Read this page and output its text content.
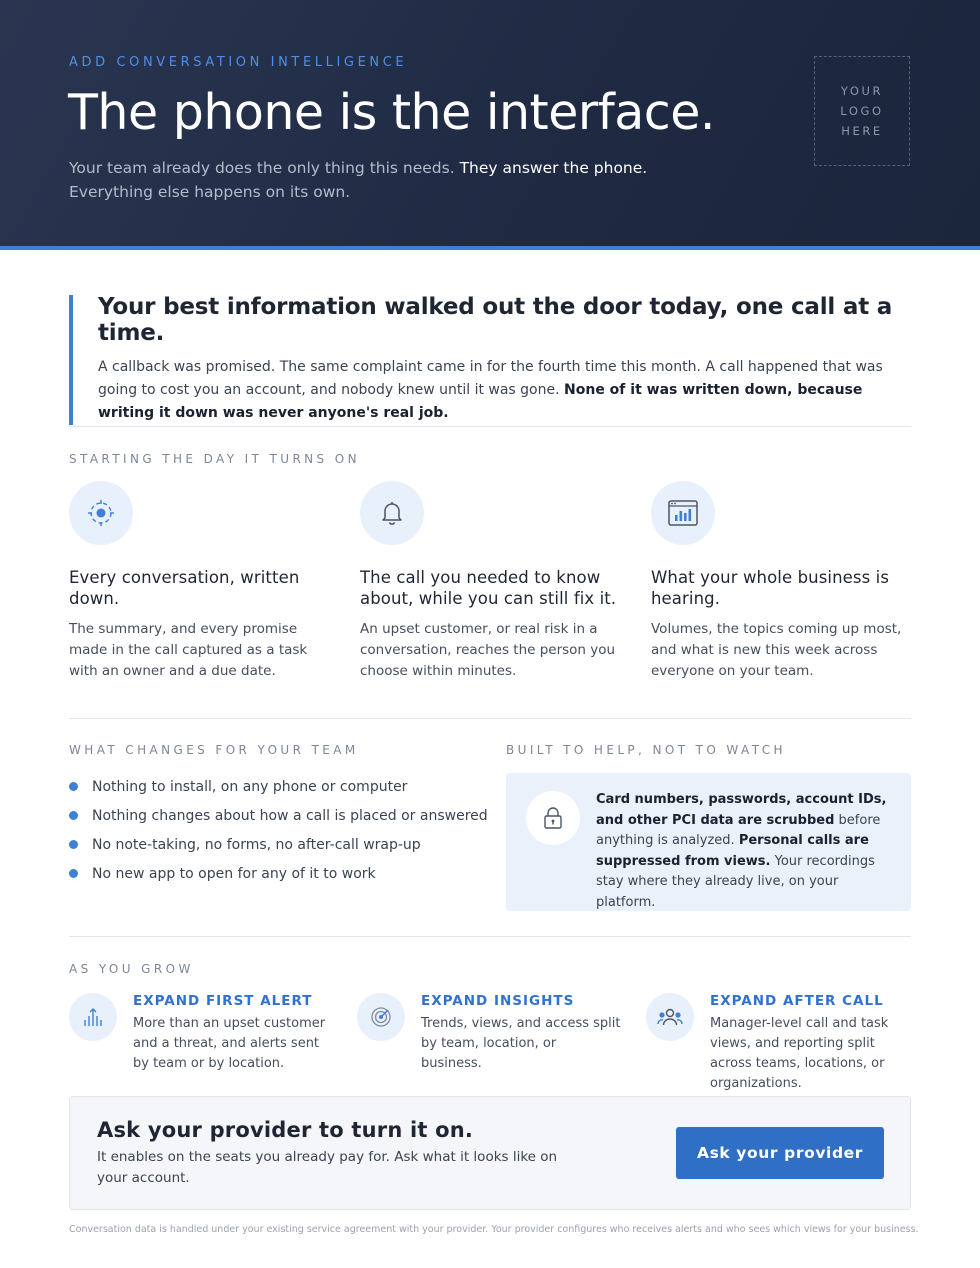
ADD CONVERSATION INTELLIGENCE
The phone is the interface.

Your team already does the only thing this needs. They answer the phone.
Everything else happens on its own.

YOUR
LOGO
HERE
Your best information walked out the door today, one call at a time.

A callback was promised. The same complaint came in for the fourth time this month. A call happened that was going to cost you an account, and nobody knew until it was gone. None of it was written down, because writing it down was never anyone's real job.

STARTING THE DAY IT TURNS ON
Every conversation, written down.

The summary, and every promise made in the call captured as a task with an owner and a due date.

The call you needed to know about, while you can still fix it.

An upset customer, or real risk in a conversation, reaches the person you choose within minutes.

What your whole business is hearing.

Volumes, the topics coming up most, and what is new this week across everyone on your team.

WHAT CHANGES FOR YOUR TEAM
Nothing to install, on any phone or computer
Nothing changes about how a call is placed or answered
No note-taking, no forms, no after-call wrap-up
No new app to open for any of it to work
BUILT TO HELP, NOT TO WATCH

Card numbers, passwords, account IDs, and other PCI data are scrubbed before anything is analyzed. Personal calls are suppressed from views. Your recordings stay where they already live, on your platform.

AS YOU GROW
EXPAND FIRST ALERT

More than an upset customer and a threat, and alerts sent by team or by location.

EXPAND INSIGHTS

Trends, views, and access split by team, location, or business.

EXPAND AFTER CALL

Manager-level call and task views, and reporting split across teams, locations, or organizations.

Ask your provider to turn it on.

It enables on the seats you already pay for. Ask what it looks like on your account.

Ask your provider

Conversation data is handled under your existing service agreement with your provider. Your provider configures who receives alerts and who sees which views for your business.
